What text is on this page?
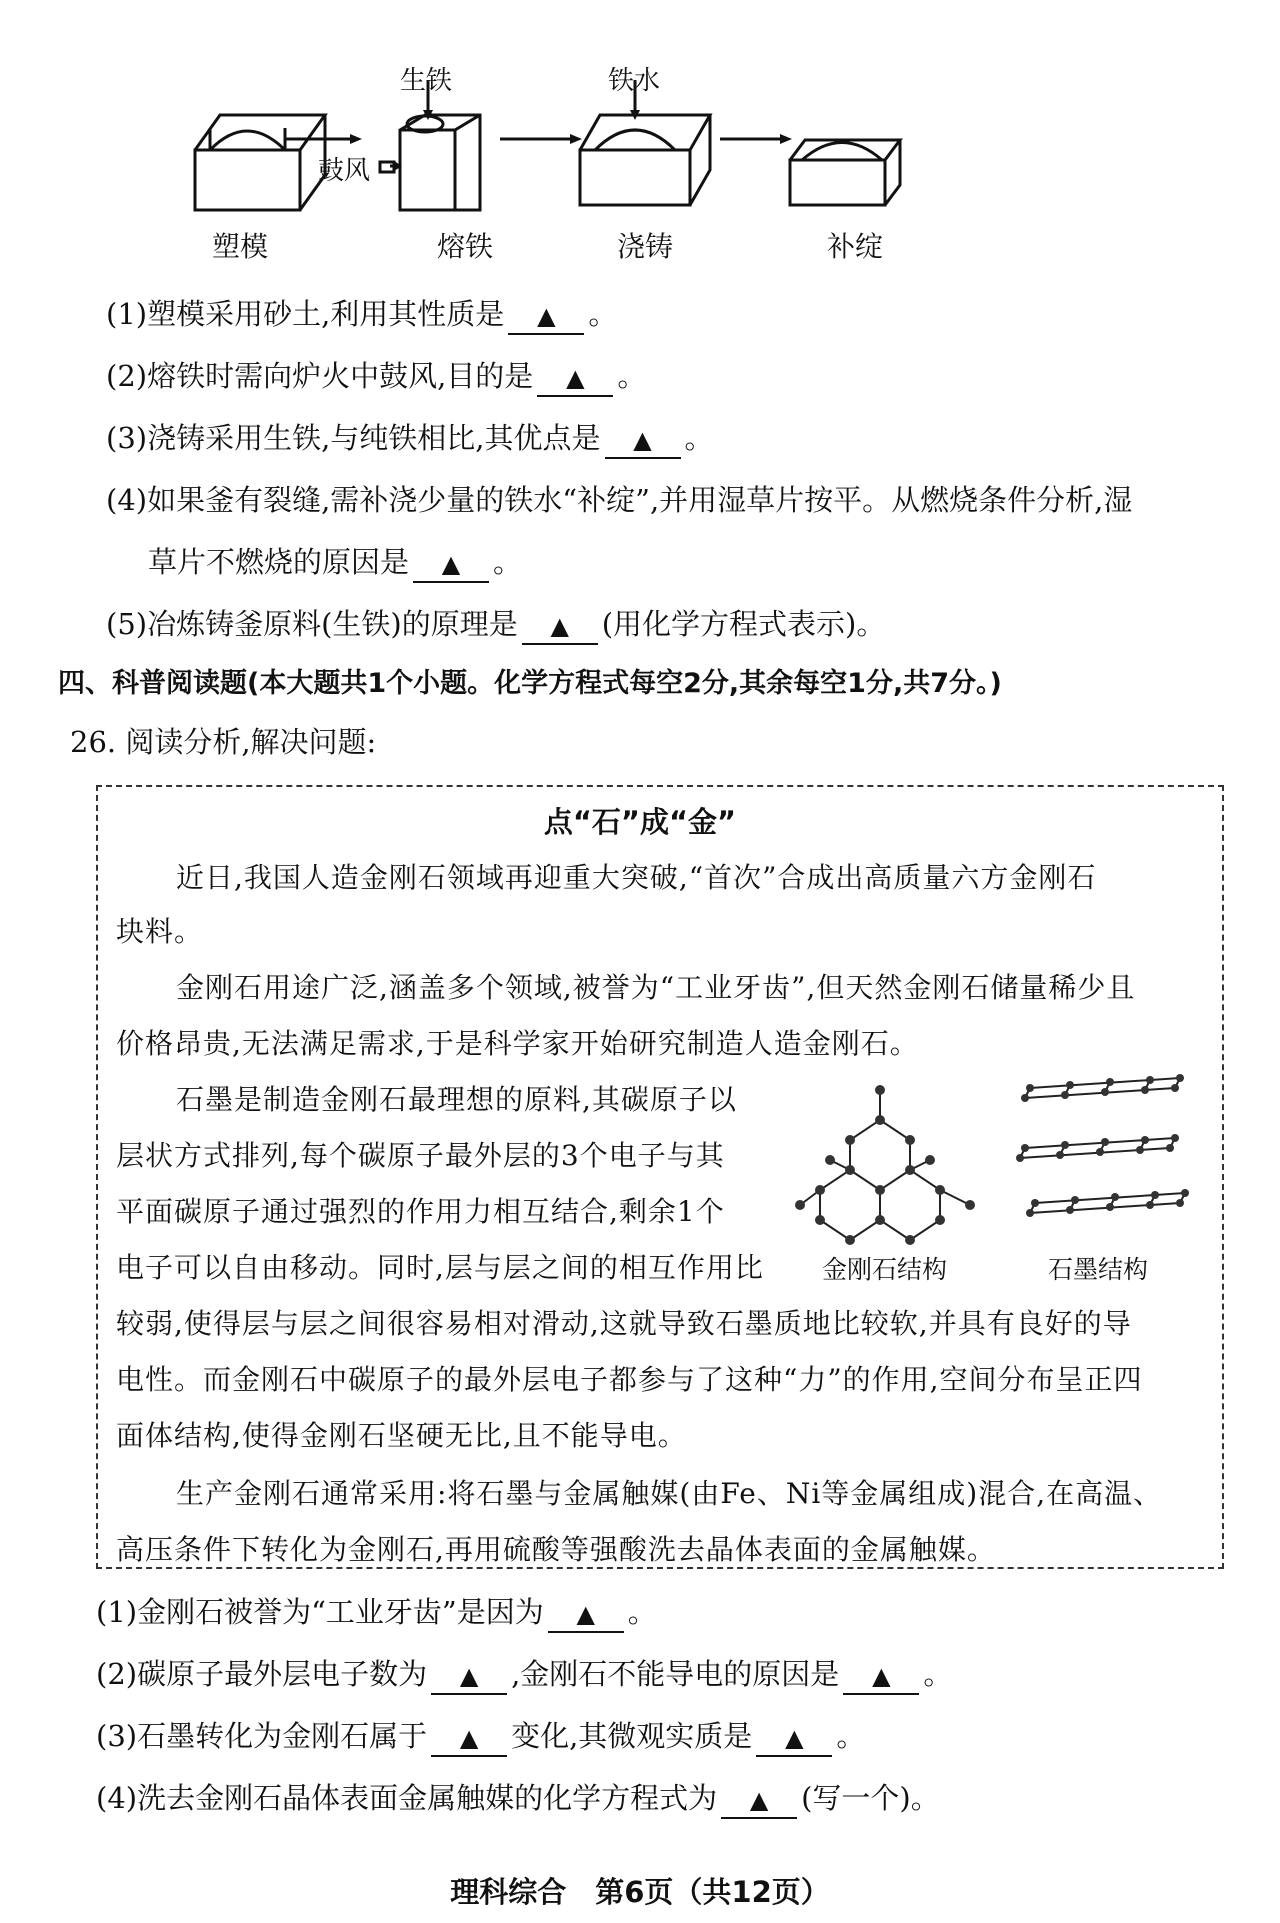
生铁	铁水
鼓风
塑模	熔铁	浇铸	补绽
(1)塑模采用砂土,利用其性质是 ▲ 。
(2)熔铁时需向炉火中鼓风,目的是 ▲ 。
(3)浇铸采用生铁,与纯铁相比,其优点是 ▲ 。
(4)如果釜有裂缝,需补浇少量的铁水“补绽”,并用湿草片按平。从燃烧条件分析,湿
草片不燃烧的原因是 ▲ 。
(5)冶炼铸釜原料(生铁)的原理是 ▲ (用化学方程式表示)。
四、科普阅读题(本大题共1个小题。化学方程式每空2分,其余每空1分,共7分。)
26. 阅读分析,解决问题:
点“石”成“金”
近日,我国人造金刚石领域再迎重大突破,“首次”合成出高质量六方金刚石
块料。
金刚石用途广泛,涵盖多个领域,被誉为“工业牙齿”,但天然金刚石储量稀少且
价格昂贵,无法满足需求,于是科学家开始研究制造人造金刚石。
石墨是制造金刚石最理想的原料,其碳原子以
层状方式排列,每个碳原子最外层的3个电子与其
平面碳原子通过强烈的作用力相互结合,剩余1个
电子可以自由移动。同时,层与层之间的相互作用比
较弱,使得层与层之间很容易相对滑动,这就导致石墨质地比较软,并具有良好的导
电性。而金刚石中碳原子的最外层电子都参与了这种“力”的作用,空间分布呈正四
面体结构,使得金刚石坚硬无比,且不能导电。
生产金刚石通常采用:将石墨与金属触媒(由Fe、Ni等金属组成)混合,在高温、
高压条件下转化为金刚石,再用硫酸等强酸洗去晶体表面的金属触媒。
金刚石结构	石墨结构
(1)金刚石被誉为“工业牙齿”是因为 ▲ 。
(2)碳原子最外层电子数为 ▲ ,金刚石不能导电的原因是 ▲ 。
(3)石墨转化为金刚石属于 ▲ 变化,其微观实质是 ▲ 。
(4)洗去金刚石晶体表面金属触媒的化学方程式为 ▲ (写一个)。
理科综合　第6页（共12页）
